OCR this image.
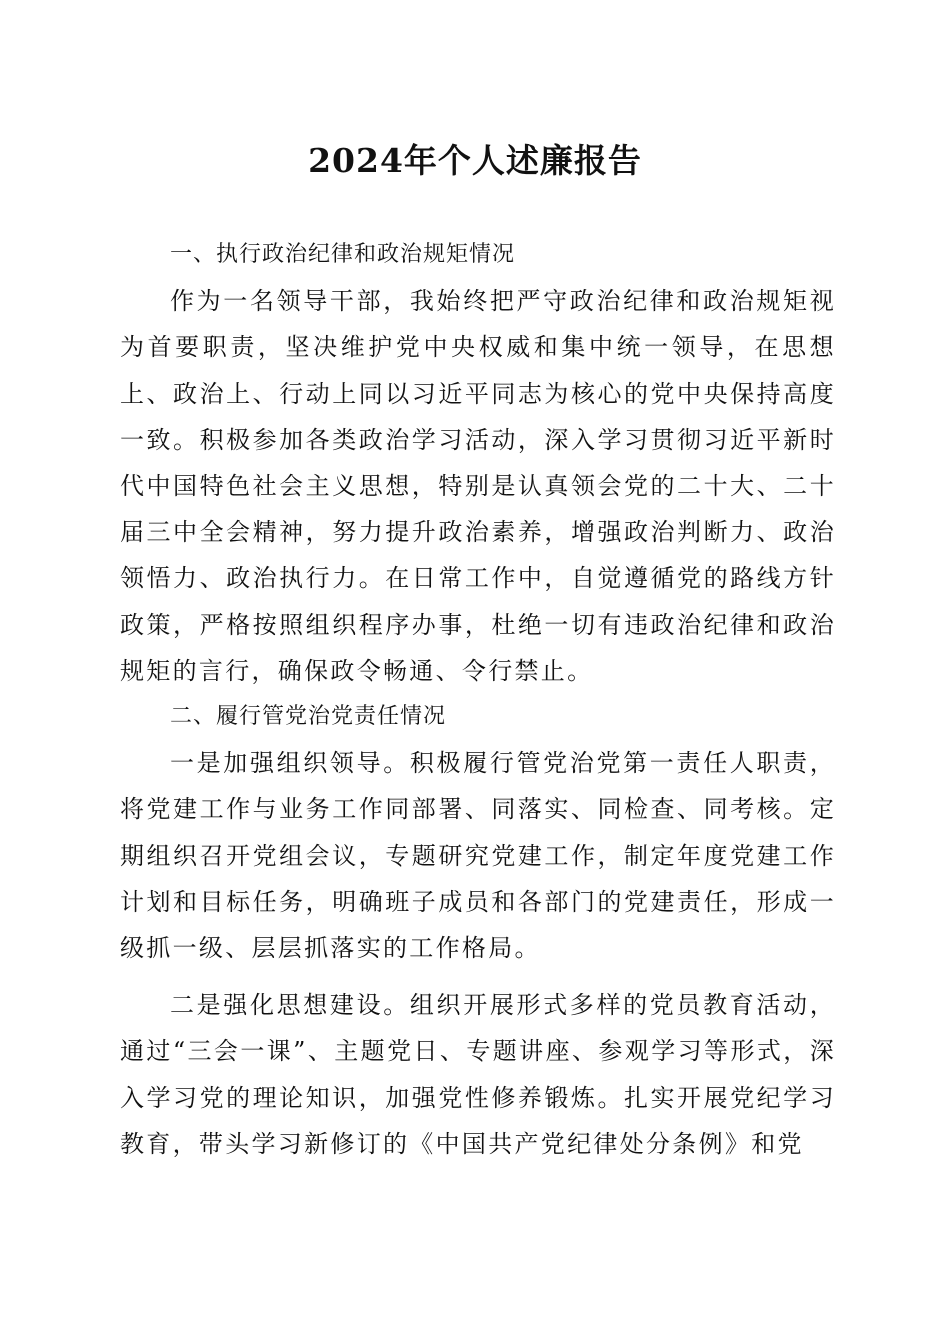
2024年个人述廉报告

一、执行政治纪律和政治规矩情况

作为一名领导干部，我始终把严守政治纪律和政治规矩视为首要职责，坚决维护党中央权威和集中统一领导，在思想上、政治上、行动上同以习近平同志为核心的党中央保持高度一致。积极参加各类政治学习活动，深入学习贯彻习近平新时代中国特色社会主义思想，特别是认真领会党的二十大、二十届三中全会精神，努力提升政治素养，增强政治判断力、政治领悟力、政治执行力。在日常工作中，自觉遵循党的路线方针政策，严格按照组织程序办事，杜绝一切有违政治纪律和政治规矩的言行，确保政令畅通、令行禁止。

二、履行管党治党责任情况

一是加强组织领导。积极履行管党治党第一责任人职责，将党建工作与业务工作同部署、同落实、同检查、同考核。定期组织召开党组会议，专题研究党建工作，制定年度党建工作计划和目标任务，明确班子成员和各部门的党建责任，形成一级抓一级、层层抓落实的工作格局。

二是强化思想建设。组织开展形式多样的党员教育活动，通过“三会一课”、主题党日、专题讲座、参观学习等形式，深入学习党的理论知识，加强党性修养锻炼。扎实开展党纪学习教育，带头学习新修订的《中国共产党纪律处分条例》和党
